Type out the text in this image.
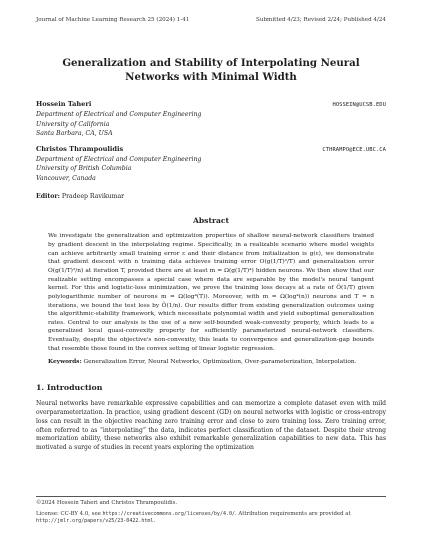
Journal of Machine Learning Research 25 (2024) 1-41	Submitted 4/23; Revised 2/24; Published 4/24
Generalization and Stability of Interpolating Neural Networks with Minimal Width
Hossein Taheri	HOSSEIN@UCSB.EDU
Department of Electrical and Computer Engineering
University of California
Santa Barbara, CA, USA
Christos Thrampoulidis	CTHRAMPO@ECE.UBC.CA
Department of Electrical and Computer Engineering
University of British Columbia
Vancouver, Canada
Editor: Pradeep Ravikumar
Abstract

We investigate the generalization and optimization properties of shallow neural-network classifiers trained by gradient descent in the interpolating regime. Specifically, in a realizable scenario where model weights can achieve arbitrarily small training error ε and their distance from initialization is g(ε), we demonstrate that gradient descent with n training data achieves training error O(g(1/T)²/T) and generalization error O(g(1/T)²/n) at iteration T, provided there are at least m = Ω(g(1/T)⁴) hidden neurons. We then show that our realizable setting encompasses a special case where data are separable by the model's neural tangent kernel. For this and logistic-loss minimization, we prove the training loss decays at a rate of Õ(1/T) given polylogarithmic number of neurons m = Ω(log⁴(T)). Moreover, with m = Ω(log⁴(n)) neurons and T ≈ n iterations, we bound the test loss by Õ(1/n). Our results differ from existing generalization outcomes using the algorithmic-stability framework, which necessitate polynomial width and yield suboptimal generalization rates. Central to our analysis is the use of a new self-bounded weak-convexity property, which leads to a generalized local quasi-convexity property for sufficiently parameterized neural-network classifiers. Eventually, despite the objective's non-convexity, this leads to convergence and generalization-gap bounds that resemble those found in the convex setting of linear logistic regression.

Keywords: Generalization Error, Neural Networks, Optimization, Over-parameterization, Interpolation.
1. Introduction
Neural networks have remarkable expressive capabilities and can memorize a complete dataset even with mild overparameterization. In practice, using gradient descent (GD) on neural networks with logistic or cross-entropy loss can result in the objective reaching zero training error and close to zero training loss. Zero training error, often referred to as “interpolating” the data, indicates perfect classification of the dataset. Despite their strong memorization ability, these networks also exhibit remarkable generalization capabilities to new data. This has motivated a surge of studies in recent years exploring the optimization
©2024 Hossein Taheri and Christos Thrampoulidis.
License: CC-BY 4.0, see https://creativecommons.org/licenses/by/4.0/. Attribution requirements are provided at http://jmlr.org/papers/v25/23-0422.html.
